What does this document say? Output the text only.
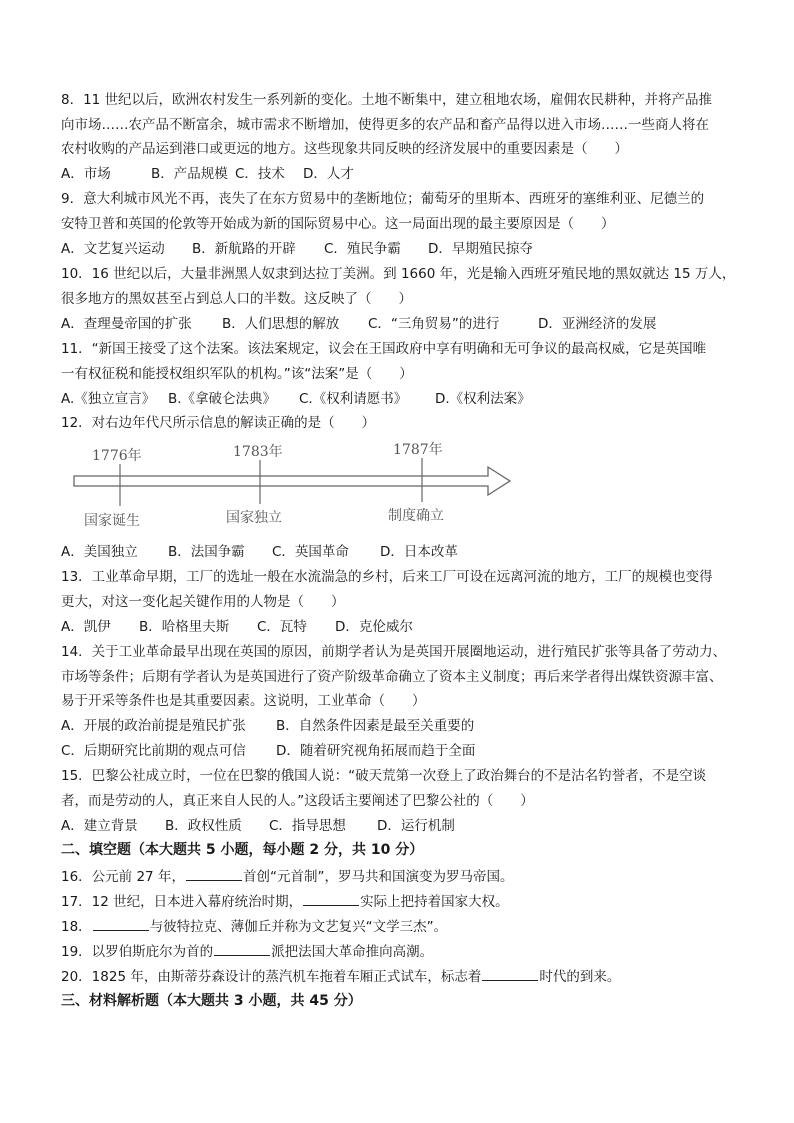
8．11 世纪以后，欧洲农村发生一系列新的变化。土地不断集中，建立租地农场，雇佣农民耕种，并将产品推
向市场……农产品不断富余，城市需求不断增加，使得更多的农产品和畜产品得以进入市场……一些商人将在
农村收购的产品运到港口或更远的地方。这些现象共同反映的经济发展中的重要因素是（　　）
A．市场	B．产品规模 C．技术 D．人才
9．意大利城市风光不再，丧失了在东方贸易中的垄断地位；葡萄牙的里斯本、西班牙的塞维利亚、尼德兰的
安特卫普和英国的伦敦等开始成为新的国际贸易中心。这一局面出现的最主要原因是（　　）
A．文艺复兴运动 B．新航路的开辟 C．殖民争霸 D．早期殖民掠夺
10．16 世纪以后，大量非洲黑人奴隶到达拉丁美洲。到 1660 年，光是输入西班牙殖民地的黑奴就达 15 万人，
很多地方的黑奴甚至占到总人口的半数。这反映了（　　）
A．查理曼帝国的扩张 B．人们思想的解放 C．“三角贸易”的进行	D．亚洲经济的发展
11．“新国王接受了这个法案。该法案规定，议会在王国政府中享有明确和无可争议的最高权威，它是英国唯
一有权征税和能授权组织军队的机构。”该“法案”是（　　）
A.《独立宣言》 B.《拿破仑法典》 C.《权利请愿书》 D.《权利法案》
12．对右边年代尺所示信息的解读正确的是（　　）
1776年	1783年	1787年
国家诞生	国家独立	制度确立
A．美国独立 B．法国争霸 C．英国革命 D．日本改革
13．工业革命早期，工厂的选址一般在水流湍急的乡村，后来工厂可设在远离河流的地方，工厂的规模也变得
更大，对这一变化起关键作用的人物是（　　）
A．凯伊 B．哈格里夫斯 C．瓦特 D．克伦威尔
14．关于工业革命最早出现在英国的原因，前期学者认为是英国开展圈地运动，进行殖民扩张等具备了劳动力、
市场等条件；后期有学者认为是英国进行了资产阶级革命确立了资本主义制度；再后来学者得出煤铁资源丰富、
易于开采等条件也是其重要因素。这说明，工业革命（　　）
A．开展的政治前提是殖民扩张 B．自然条件因素是最至关重要的
C．后期研究比前期的观点可信 D．随着研究视角拓展而趋于全面
15．巴黎公社成立时，一位在巴黎的俄国人说：“破天荒第一次登上了政治舞台的不是沽名钓誉者，不是空谈
者，而是劳动的人，真正来自人民的人。”这段话主要阐述了巴黎公社的（　　）
A．建立背景 B．政权性质 C．指导思想 D．运行机制
二、填空题（本大题共 5 小题，每小题 2 分，共 10 分）
16．公元前 27 年，	首创“元首制”，罗马共和国演变为罗马帝国。
17．12 世纪，日本进入幕府统治时期，	实际上把持着国家大权。
18．	与彼特拉克、薄伽丘并称为文艺复兴“文学三杰”。
19．以罗伯斯庇尔为首的	派把法国大革命推向高潮。
20．1825 年，由斯蒂芬森设计的蒸汽机车拖着车厢正式试车，标志着	时代的到来。
三、材料解析题（本大题共 3 小题，共 45 分）
